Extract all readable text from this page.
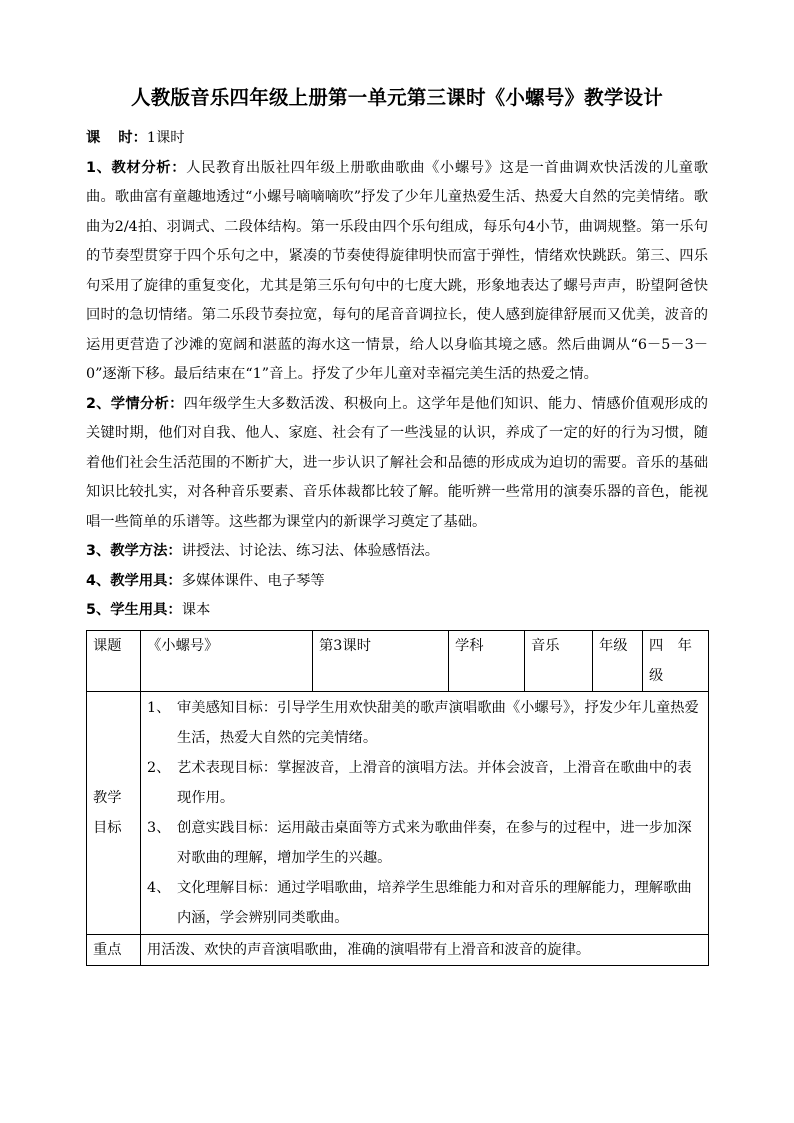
人教版音乐四年级上册第一单元第三课时《小螺号》教学设计

课 时：1课时

1、教材分析：人民教育出版社四年级上册歌曲歌曲《小螺号》这是一首曲调欢快活泼的儿童歌曲。歌曲富有童趣地透过“小螺号嘀嘀嘀吹”抒发了少年儿童热爱生活、热爱大自然的完美情绪。歌曲为2/4拍、羽调式、二段体结构。第一乐段由四个乐句组成，每乐句4小节，曲调规整。第一乐句的节奏型贯穿于四个乐句之中，紧凑的节奏使得旋律明快而富于弹性，情绪欢快跳跃。第三、四乐句采用了旋律的重复变化，尤其是第三乐句句中的七度大跳，形象地表达了螺号声声，盼望阿爸快回时的急切情绪。第二乐段节奏拉宽，每句的尾音音调拉长，使人感到旋律舒展而又优美，波音的运用更营造了沙滩的宽阔和湛蓝的海水这一情景，给人以身临其境之感。然后曲调从“6－5－3－0”逐渐下移。最后结束在“1”音上。抒发了少年儿童对幸福完美生活的热爱之情。

2、学情分析：四年级学生大多数活泼、积极向上。这学年是他们知识、能力、情感价值观形成的关键时期，他们对自我、他人、家庭、社会有了一些浅显的认识，养成了一定的好的行为习惯，随着他们社会生活范围的不断扩大，进一步认识了解社会和品德的形成成为迫切的需要。音乐的基础知识比较扎实，对各种音乐要素、音乐体裁都比较了解。能听辨一些常用的演奏乐器的音色，能视唱一些简单的乐谱等。这些都为课堂内的新课学习奠定了基础。

3、教学方法：讲授法、讨论法、练习法、体验感悟法。

4、教学用具：多媒体课件、电子琴等

5、学生用具：课本

课题	《小螺号》	第3课时	学科	音乐	年级	四　年级
教学目标	1、 审美感知目标：引导学生用欢快甜美的歌声演唱歌曲《小螺号》，抒发少年儿童热爱生活，热爱大自然的完美情绪。

2、 艺术表现目标：掌握波音，上滑音的演唱方法。并体会波音，上滑音在歌曲中的表现作用。

3、 创意实践目标：运用敲击桌面等方式来为歌曲伴奏，在参与的过程中，进一步加深对歌曲的理解，增加学生的兴趣。

4、 文化理解目标：通过学唱歌曲，培养学生思维能力和对音乐的理解能力，理解歌曲内涵，学会辨别同类歌曲。					

重点	用活泼、欢快的声音演唱歌曲，准确的演唱带有上滑音和波音的旋律。					
